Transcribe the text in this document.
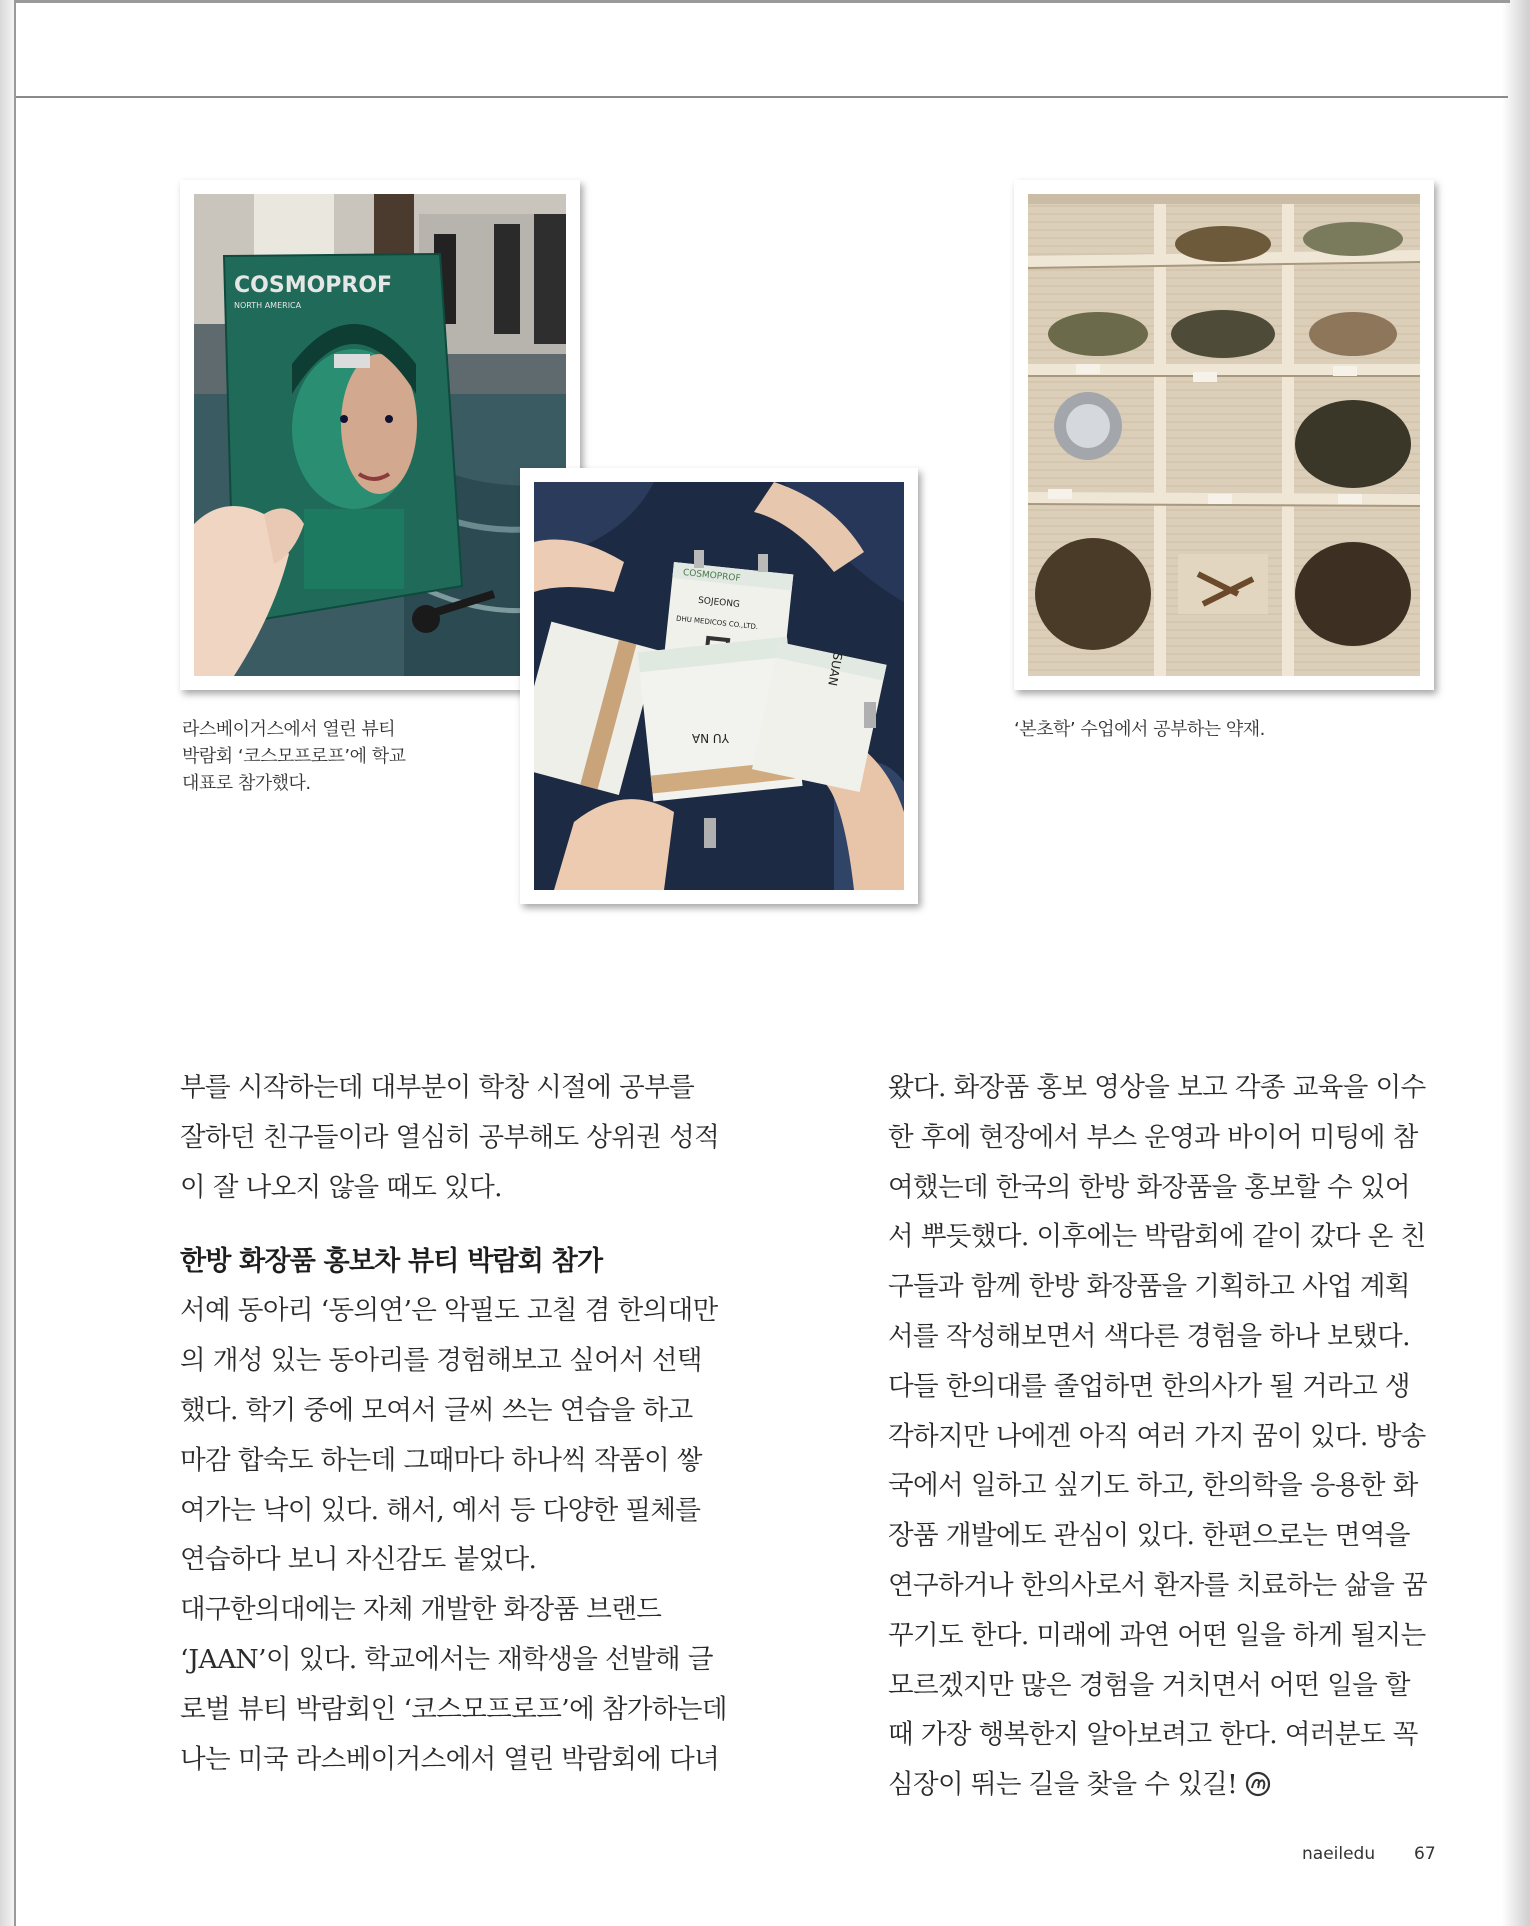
COSMOPROF
NORTH AMERICA
COSMOPROF
SOJEONG
DHU MEDICOS CO.,LTD.
YU NA
SUAN
라스베이거스에서 열린 뷰티
박람회 ‘코스모프로프’에 학교
대표로 참가했다.
‘본초학’ 수업에서 공부하는 약재.

부를 시작하는데 대부분이 학창 시절에 공부를

잘하던 친구들이라 열심히 공부해도 상위권 성적

이 잘 나오지 않을 때도 있다.

한방 화장품 홍보차 뷰티 박람회 참가

서예 동아리 ‘동의연’은 악필도 고칠 겸 한의대만

의 개성 있는 동아리를 경험해보고 싶어서 선택

했다. 학기 중에 모여서 글씨 쓰는 연습을 하고

마감 합숙도 하는데 그때마다 하나씩 작품이 쌓

여가는 낙이 있다. 해서, 예서 등 다양한 필체를

연습하다 보니 자신감도 붙었다.

대구한의대에는 자체 개발한 화장품 브랜드

‘JAAN’이 있다. 학교에서는 재학생을 선발해 글

로벌 뷰티 박람회인 ‘코스모프로프’에 참가하는데

나는 미국 라스베이거스에서 열린 박람회에 다녀

왔다. 화장품 홍보 영상을 보고 각종 교육을 이수

한 후에 현장에서 부스 운영과 바이어 미팅에 참

여했는데 한국의 한방 화장품을 홍보할 수 있어

서 뿌듯했다. 이후에는 박람회에 같이 갔다 온 친

구들과 함께 한방 화장품을 기획하고 사업 계획

서를 작성해보면서 색다른 경험을 하나 보탰다.

다들 한의대를 졸업하면 한의사가 될 거라고 생

각하지만 나에겐 아직 여러 가지 꿈이 있다. 방송

국에서 일하고 싶기도 하고, 한의학을 응용한 화

장품 개발에도 관심이 있다. 한편으로는 면역을

연구하거나 한의사로서 환자를 치료하는 삶을 꿈

꾸기도 한다. 미래에 과연 어떤 일을 하게 될지는

모르겠지만 많은 경험을 거치면서 어떤 일을 할

때 가장 행복한지 알아보려고 한다. 여러분도 꼭

심장이 뛰는 길을 찾을 수 있길!

naeiledu 67
